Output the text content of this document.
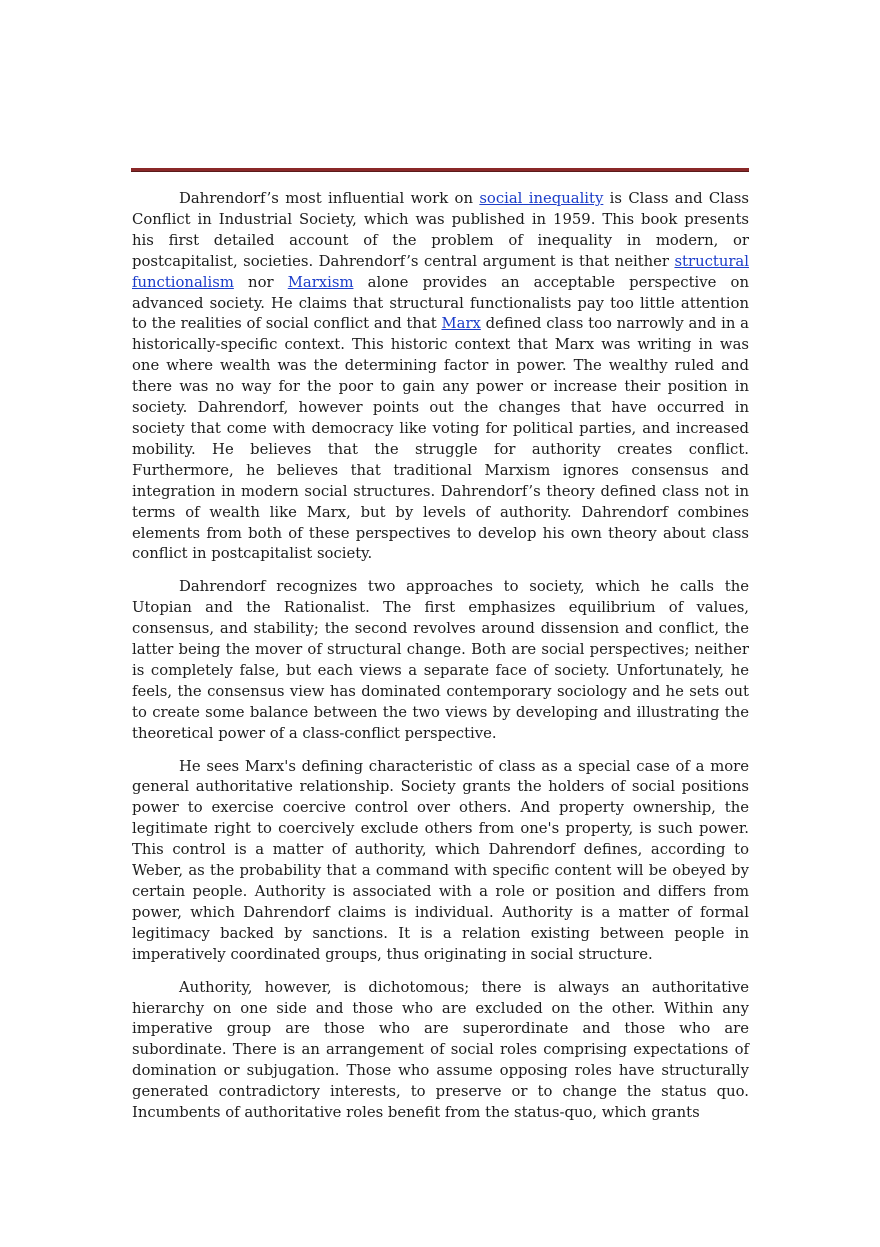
Dahrendorf’s most influential work on social inequality is Class and Class Conflict in Industrial Society, which was published in 1959. This book presents his first detailed account of the problem of inequality in modern, or postcapitalist, societies. Dahrendorf’s central argument is that neither structural functionalism nor Marxism alone provides an acceptable perspective on advanced society. He claims that structural functionalists pay too little attention to the realities of social conflict and that Marx defined class too narrowly and in a historically-specific context. This historic context that Marx was writing in was one where wealth was the determining factor in power. The wealthy ruled and there was no way for the poor to gain any power or increase their position in society. Dahrendorf, however points out the changes that have occurred in society that come with democracy like voting for political parties, and increased mobility. He believes that the struggle for authority creates conflict. Furthermore, he believes that traditional Marxism ignores consensus and integration in modern social structures. Dahrendorf’s theory defined class not in terms of wealth like Marx, but by levels of authority. Dahrendorf combines elements from both of these perspectives to develop his own theory about class conflict in postcapitalist society.

Dahrendorf recognizes two approaches to society, which he calls the Utopian and the Rationalist. The first emphasizes equilibrium of values, consensus, and stability; the second revolves around dissension and conflict, the latter being the mover of structural change. Both are social perspectives; neither is completely false, but each views a separate face of society. Unfortunately, he feels, the consensus view has dominated contemporary sociology and he sets out to create some balance between the two views by developing and illustrating the theoretical power of a class-conflict perspective.

He sees Marx's defining characteristic of class as a special case of a more general authoritative relationship. Society grants the holders of social positions power to exercise coercive control over others. And property ownership, the legitimate right to coercively exclude others from one's property, is such power. This control is a matter of authority, which Dahrendorf defines, according to Weber, as the probability that a command with specific content will be obeyed by certain people. Authority is associated with a role or position and differs from power, which Dahrendorf claims is individual. Authority is a matter of formal legitimacy backed by sanctions. It is a relation existing between people in imperatively coordinated groups, thus originating in social structure.

Authority, however, is dichotomous; there is always an authoritative hierarchy on one side and those who are excluded on the other. Within any imperative group are those who are superordinate and those who are subordinate. There is an arrangement of social roles comprising expectations of domination or subjugation. Those who assume opposing roles have structurally generated contradictory interests, to preserve or to change the status quo. Incumbents of authoritative roles benefit from the status-quo, which grants
